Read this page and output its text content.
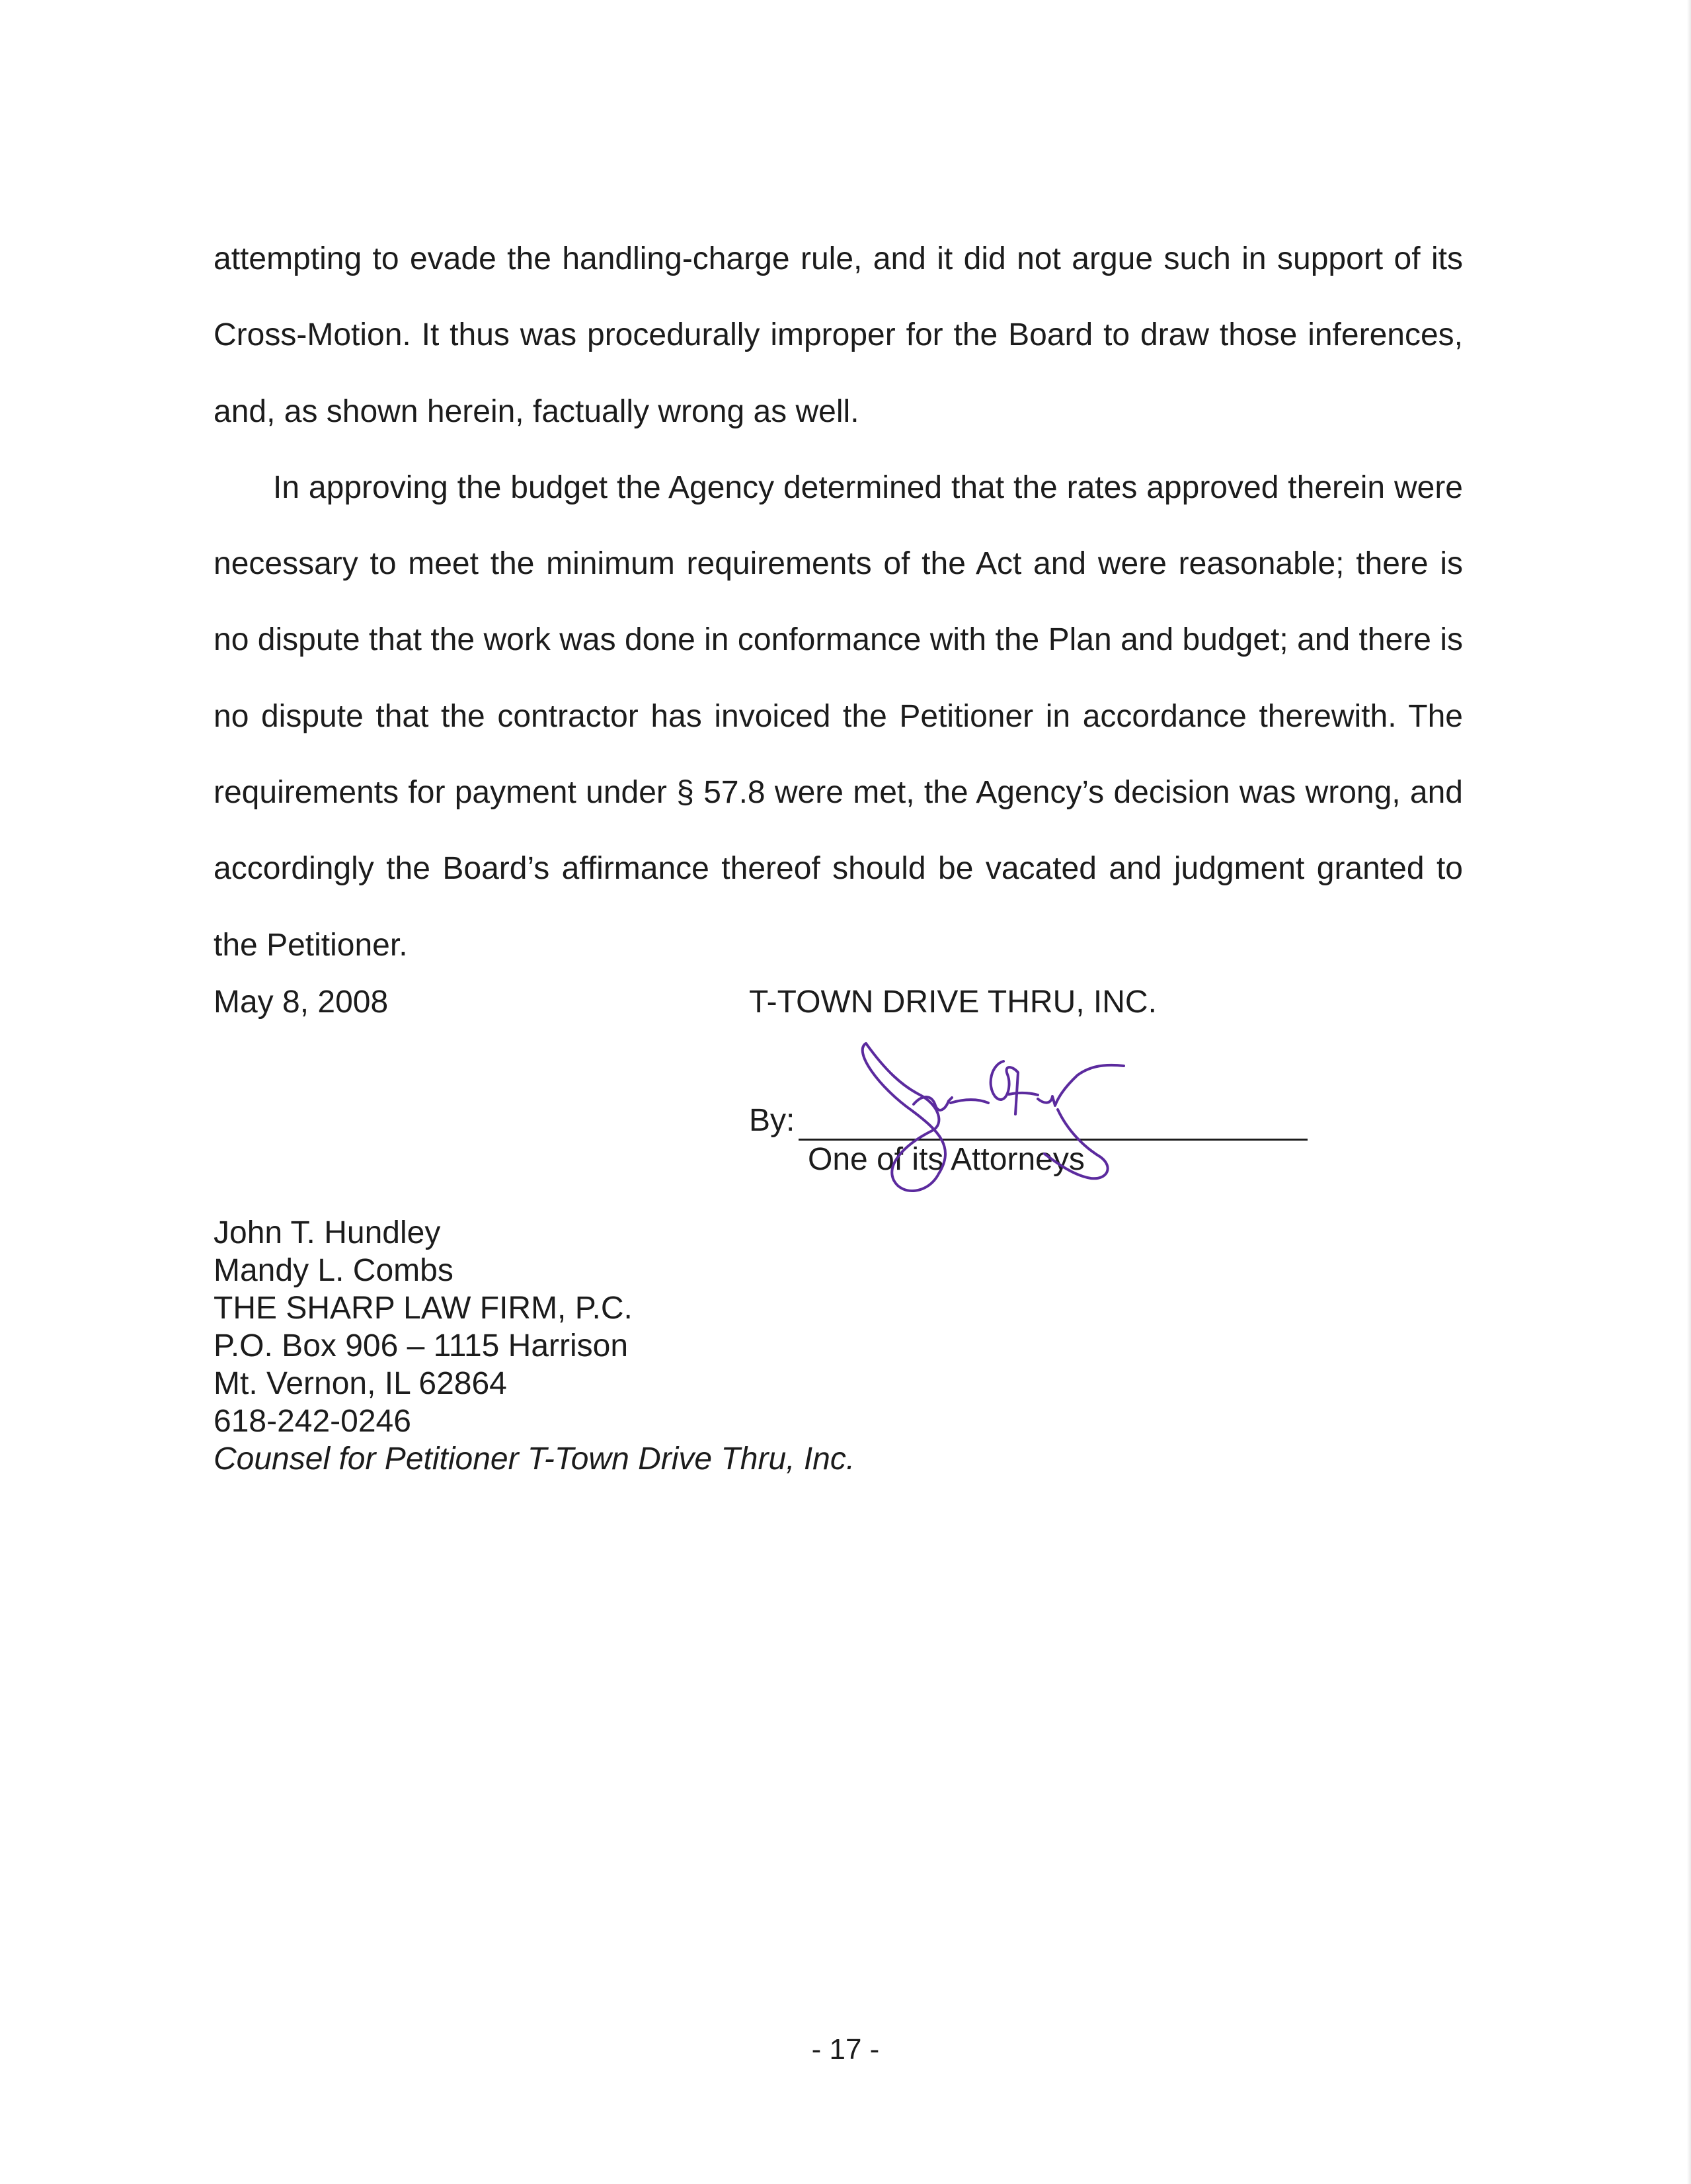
attempting to evade the handling-charge rule, and it did not argue such in support of its Cross-Motion. It thus was procedurally improper for the Board to draw those inferences, and, as shown herein, factually wrong as well.

In approving the budget the Agency determined that the rates approved therein were necessary to meet the minimum requirements of the Act and were reasonable; there is no dispute that the work was done in conformance with the Plan and budget; and there is no dispute that the contractor has invoiced the Petitioner in accordance therewith. The requirements for payment under § 57.8 were met, the Agency’s decision was wrong, and accordingly the Board’s affirmance thereof should be vacated and judgment granted to the Petitioner.

May 8, 2008	T-TOWN DRIVE THRU, INC.
By:
One of its Attorneys
John T. Hundley
Mandy L. Combs
THE SHARP LAW FIRM, P.C.
P.O. Box 906 – 1115 Harrison
Mt. Vernon, IL 62864
618-242-0246
Counsel for Petitioner T-Town Drive Thru, Inc.
- 17 -
